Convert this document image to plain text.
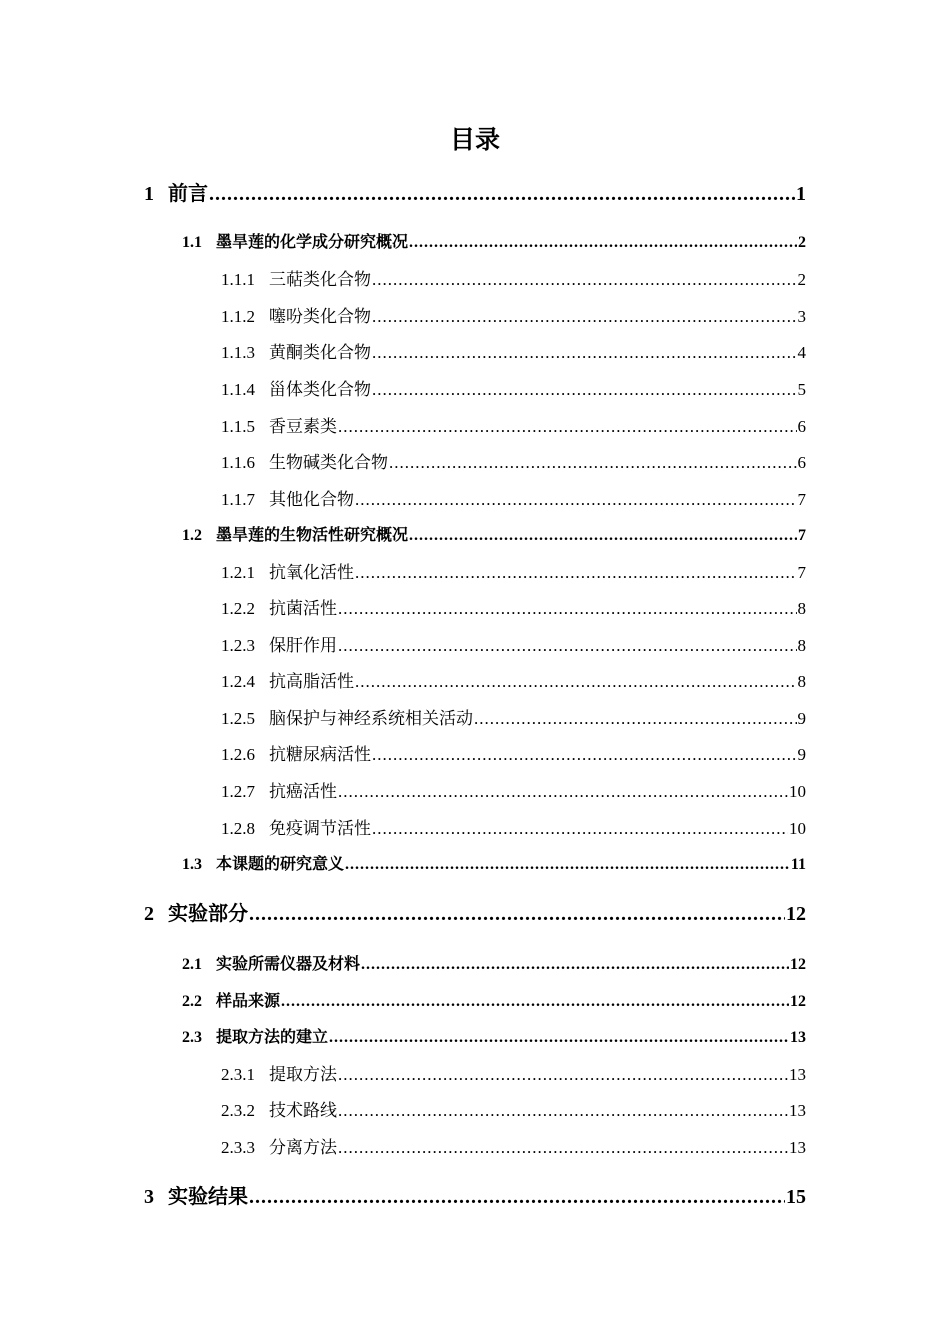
目录
1 前言 .....	1
1.1 墨旱莲的化学成分研究概况 .....	2
1.1.1 三萜类化合物 .....	2
1.1.2 噻吩类化合物 .....	3
1.1.3 黄酮类化合物 .....	4
1.1.4 甾体类化合物 .....	5
1.1.5 香豆素类 .....	6
1.1.6 生物碱类化合物 .....	6
1.1.7 其他化合物 .....	7
1.2 墨旱莲的生物活性研究概况 .....	7
1.2.1 抗氧化活性 .....	7
1.2.2 抗菌活性 .....	8
1.2.3 保肝作用 .....	8
1.2.4 抗高脂活性 .....	8
1.2.5 脑保护与神经系统相关活动 .....	9
1.2.6 抗糖尿病活性 .....	9
1.2.7 抗癌活性 .....	10
1.2.8 免疫调节活性 .....	10
1.3 本课题的研究意义 .....	11
2 实验部分 .....	12
2.1 实验所需仪器及材料 .....	12
2.2 样品来源 .....	12
2.3 提取方法的建立 .....	13
2.3.1 提取方法 .....	13
2.3.2 技术路线 .....	13
2.3.3 分离方法 .....	13
3 实验结果 .....	15
